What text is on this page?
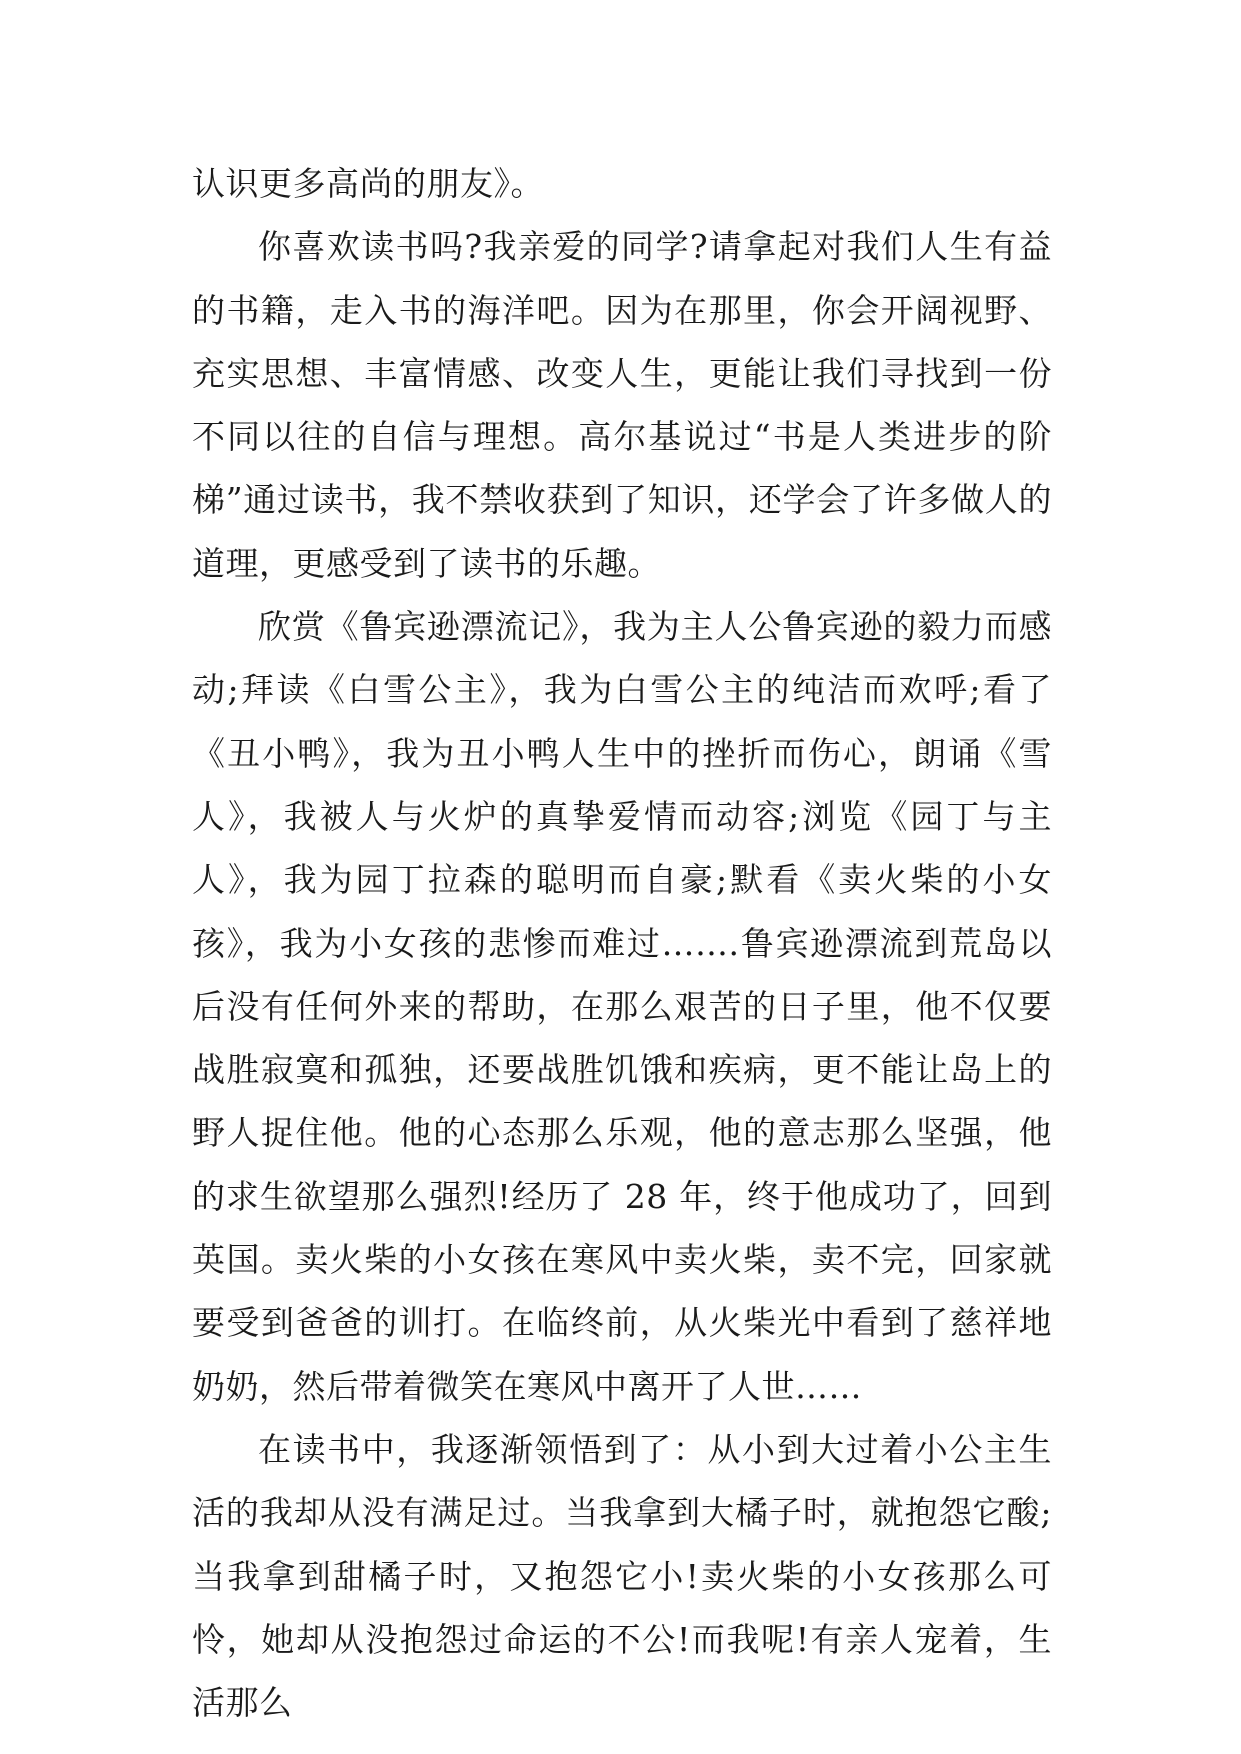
认识更多高尚的朋友》。

你喜欢读书吗?我亲爱的同学?请拿起对我们人生有益的书籍，走入书的海洋吧。因为在那里，你会开阔视野、充实思想、丰富情感、改变人生，更能让我们寻找到一份不同以往的自信与理想。高尔基说过“书是人类进步的阶梯”通过读书，我不禁收获到了知识，还学会了许多做人的道理，更感受到了读书的乐趣。

欣赏《鲁宾逊漂流记》，我为主人公鲁宾逊的毅力而感动;拜读《白雪公主》，我为白雪公主的纯洁而欢呼;看了《丑小鸭》，我为丑小鸭人生中的挫折而伤心，朗诵《雪人》，我被人与火炉的真挚爱情而动容;浏览《园丁与主人》，我为园丁拉森的聪明而自豪;默看《卖火柴的小女孩》，我为小女孩的悲惨而难过…….鲁宾逊漂流到荒岛以后没有任何外来的帮助，在那么艰苦的日子里，他不仅要战胜寂寞和孤独，还要战胜饥饿和疾病，更不能让岛上的野人捉住他。他的心态那么乐观，他的意志那么坚强，他的求生欲望那么强烈!经历了 28 年，终于他成功了，回到英国。卖火柴的小女孩在寒风中卖火柴，卖不完，回家就要受到爸爸的训打。在临终前，从火柴光中看到了慈祥地奶奶，然后带着微笑在寒风中离开了人世……

在读书中，我逐渐领悟到了：从小到大过着小公主生活的我却从没有满足过。当我拿到大橘子时，就抱怨它酸;当我拿到甜橘子时，又抱怨它小!卖火柴的小女孩那么可怜，她却从没抱怨过命运的不公!而我呢!有亲人宠着，生活那么
